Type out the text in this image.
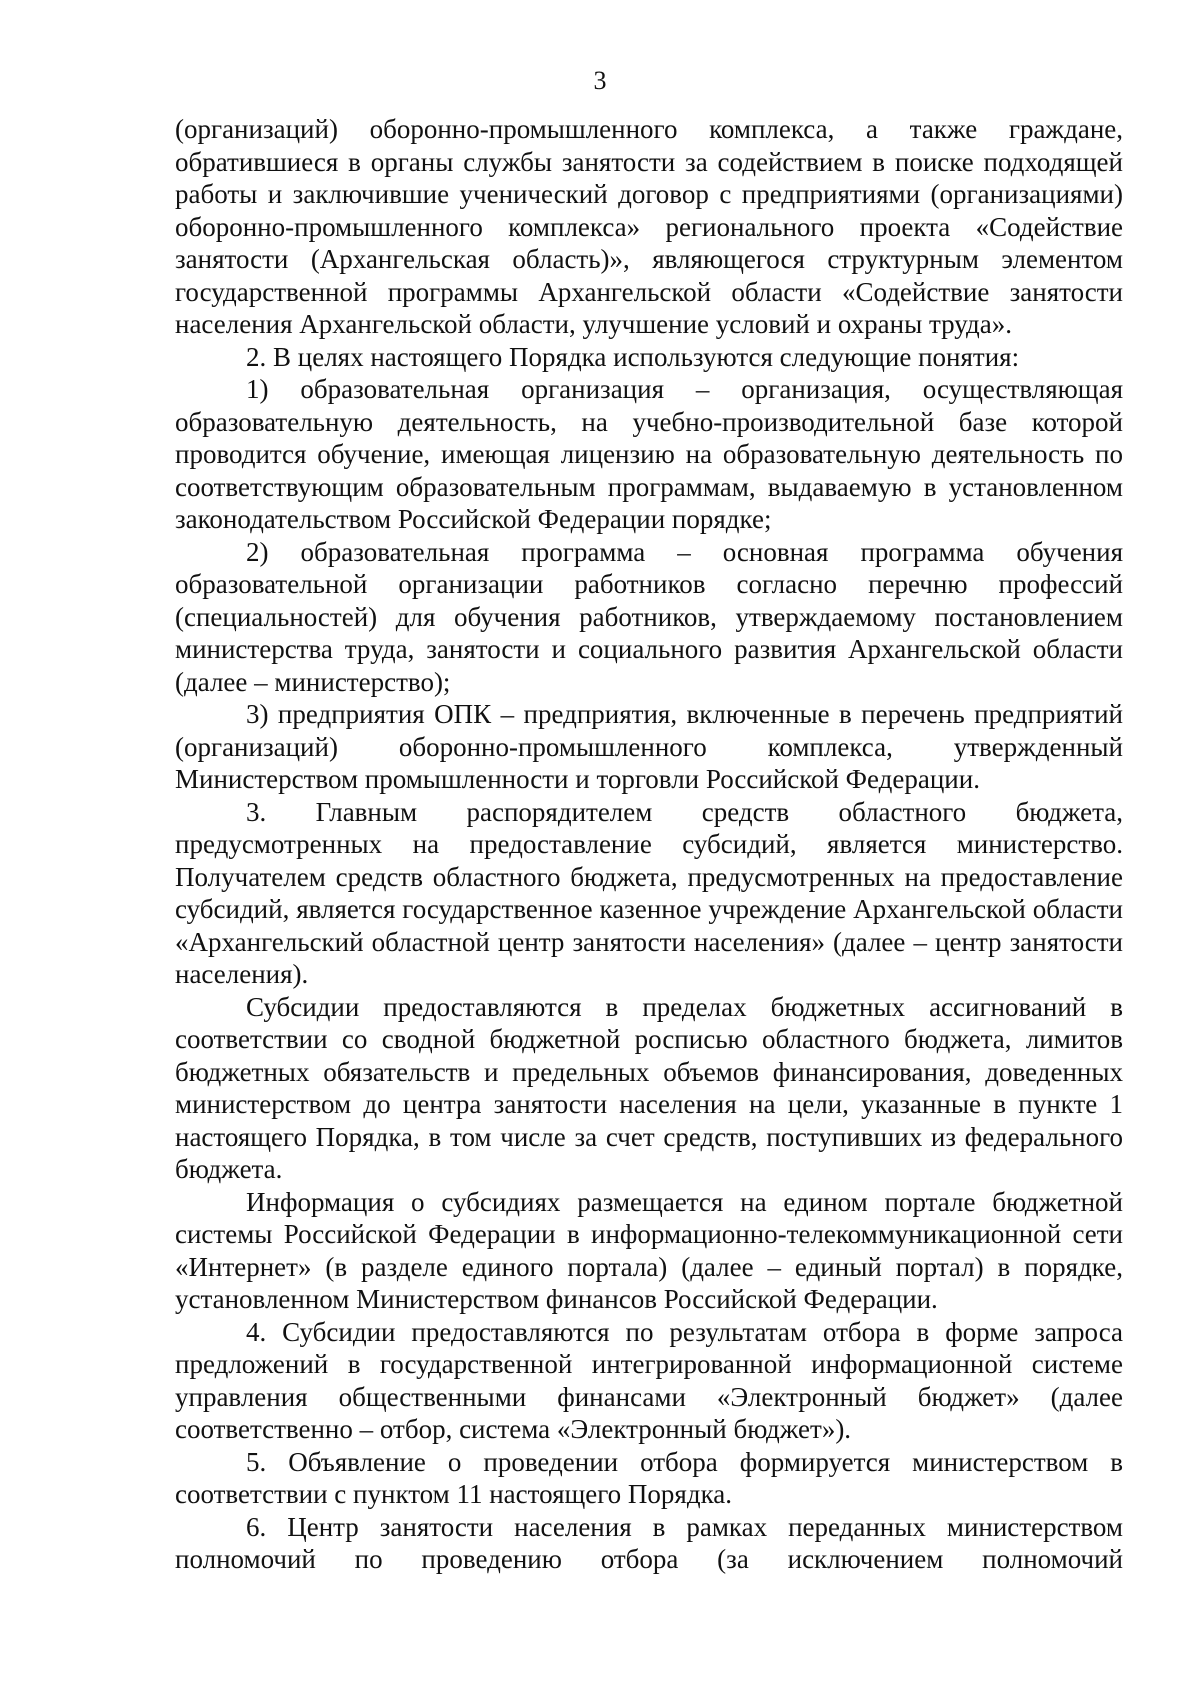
3

(организаций) оборонно-промышленного комплекса, а также граждане, обратившиеся в органы службы занятости за содействием в поиске подходящей работы и заключившие ученический договор с предприятиями (организациями) оборонно-промышленного комплекса» регионального проекта «Содействие занятости (Архангельская область)», являющегося структурным элементом государственной программы Архангельской области «Содействие занятости населения Архангельской области, улучшение условий и охраны труда».

2. В целях настоящего Порядка используются следующие понятия:

1) образовательная организация – организация, осуществляющая образовательную деятельность, на учебно-производительной базе которой проводится обучение, имеющая лицензию на образовательную деятельность по соответствующим образовательным программам, выдаваемую в установленном законодательством Российской Федерации порядке;

2) образовательная программа – основная программа обучения образовательной организации работников согласно перечню профессий (специальностей) для обучения работников, утверждаемому постановлением министерства труда, занятости и социального развития Архангельской области (далее – министерство);

3) предприятия ОПК – предприятия, включенные в перечень предприятий (организаций) оборонно-промышленного комплекса, утвержденный Министерством промышленности и торговли Российской Федерации.

3. Главным распорядителем средств областного бюджета, предусмотренных на предоставление субсидий, является министерство. Получателем средств областного бюджета, предусмотренных на предоставление субсидий, является государственное казенное учреждение Архангельской области «Архангельский областной центр занятости населения» (далее – центр занятости населения).

Субсидии предоставляются в пределах бюджетных ассигнований в соответствии со сводной бюджетной росписью областного бюджета, лимитов бюджетных обязательств и предельных объемов финансирования, доведенных министерством до центра занятости населения на цели, указанные в пункте 1 настоящего Порядка, в том числе за счет средств, поступивших из федерального бюджета.

Информация о субсидиях размещается на едином портале бюджетной системы Российской Федерации в информационно-телекоммуникационной сети «Интернет» (в разделе единого портала) (далее – единый портал) в порядке, установленном Министерством финансов Российской Федерации.

4. Субсидии предоставляются по результатам отбора в форме запроса предложений в государственной интегрированной информационной системе управления общественными финансами «Электронный бюджет» (далее соответственно – отбор, система «Электронный бюджет»).

5. Объявление о проведении отбора формируется министерством в соответствии с пунктом 11 настоящего Порядка.

6. Центр занятости населения в рамках переданных министерством полномочий по проведению отбора (за исключением полномочий
